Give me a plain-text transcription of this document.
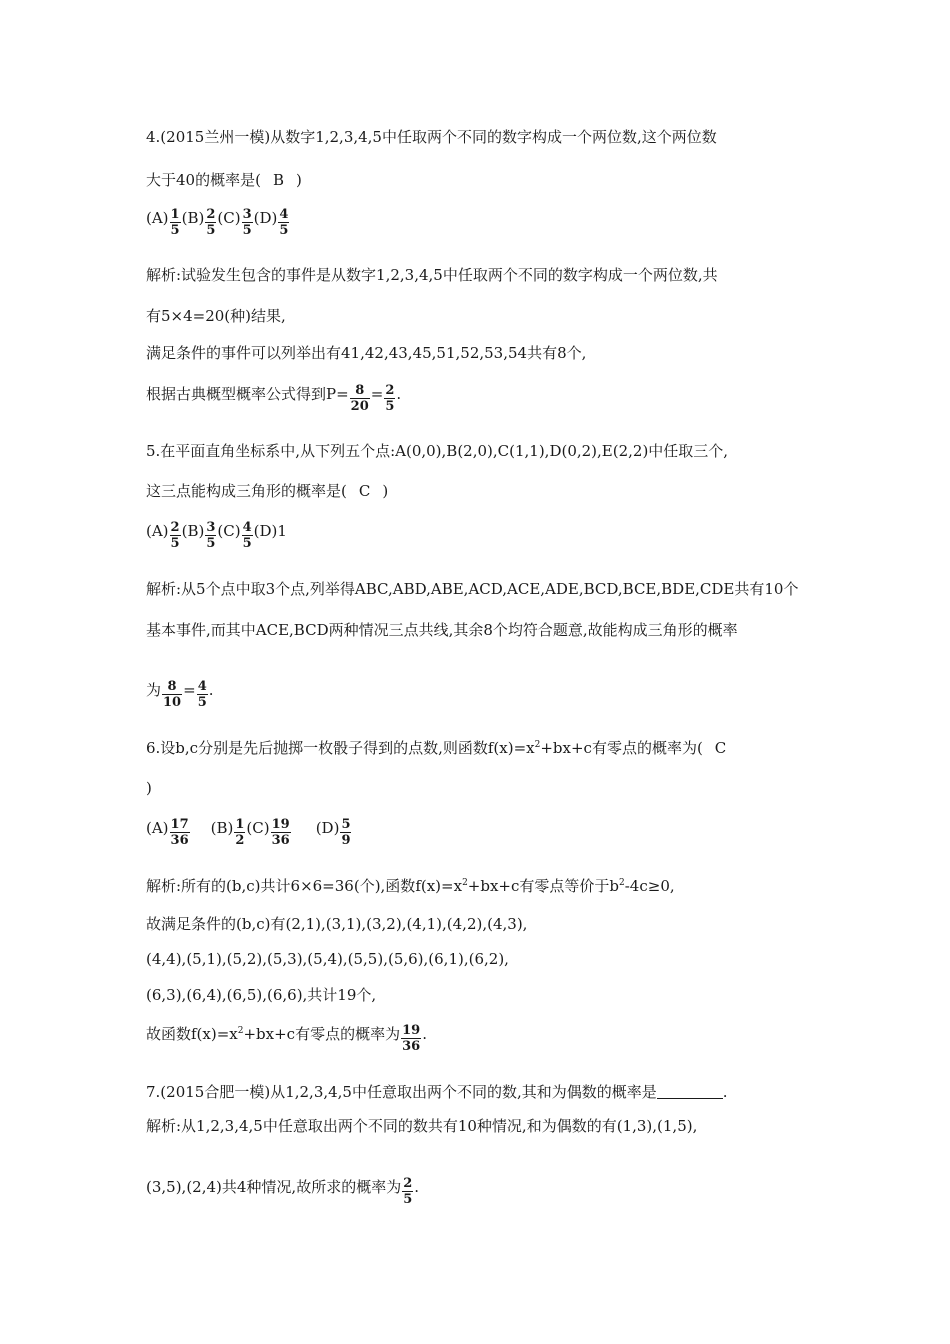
4.(2015兰州一模)从数字1,2,3,4,5中任取两个不同的数字构成一个两位数,这个两位数
大于40的概率是( B )
$(A) \frac{1}{5} (B) \frac{2}{5} (C) \frac{3}{5} (D) \frac{4}{5}$
解析:试验发生包含的事件是从数字1,2,3,4,5中任取两个不同的数字构成一个两位数,共
有5×4=20(种)结果,
满足条件的事件可以列举出有41,42,43,45,51,52,53,54共有8个,
根据古典概型概率公式得到$P= \frac{8}{20} = \frac{2}{5}$ .
5.在平面直角坐标系中,从下列五个点:A(0,0),B(2,0),C(1,1),D(0,2),E(2,2)中任取三个,
这三点能构成三角形的概率是( C )
$(A) \frac{2}{5} (B) \frac{3}{5} (C) \frac{4}{5} (D)1$
解析:从5个点中取3个点,列举得ABC,ABD,ABE,ACD,ACE,ADE,BCD,BCE,BDE,CDE共有10个
基本事件,而其中ACE,BCD两种情况三点共线,其余8个均符合题意,故能构成三角形的概率
为 $\frac{8}{10} = \frac{4}{5}$ .
6.设b,c分别是先后抛掷一枚骰子得到的点数,则函数$f(x)=x^2+bx+c$有零点的概率为( C
)
$(A) \frac{17}{36} (B) \frac{1}{2} (C) \frac{19}{36} (D) \frac{5}{9}$
解析:所有的(b,c)共计6×6=36(个),函数$f(x)=x^2+bx+c$有零点等价于$b^2-4c\ge 0$,
故满足条件的(b,c)有(2,1),(3,1),(3,2),(4,1),(4,2),(4,3),
(4,4),(5,1),(5,2),(5,3),(5,4),(5,5),(5,6),(6,1),(6,2),
(6,3),(6,4),(6,5),(6,6),共计19个,
故函数$f(x)=x^2+bx+c$有零点的概率为 $\frac{19}{36}$ .
7.(2015合肥一模)从1,2,3,4,5中任意取出两个不同的数,其和为偶数的概率是	.
解析:从1,2,3,4,5中任意取出两个不同的数共有10种情况,和为偶数的有(1,3),(1,5),
(3,5),(2,4)共4种情况,故所求的概率为 $\frac{2}{5}$ .
